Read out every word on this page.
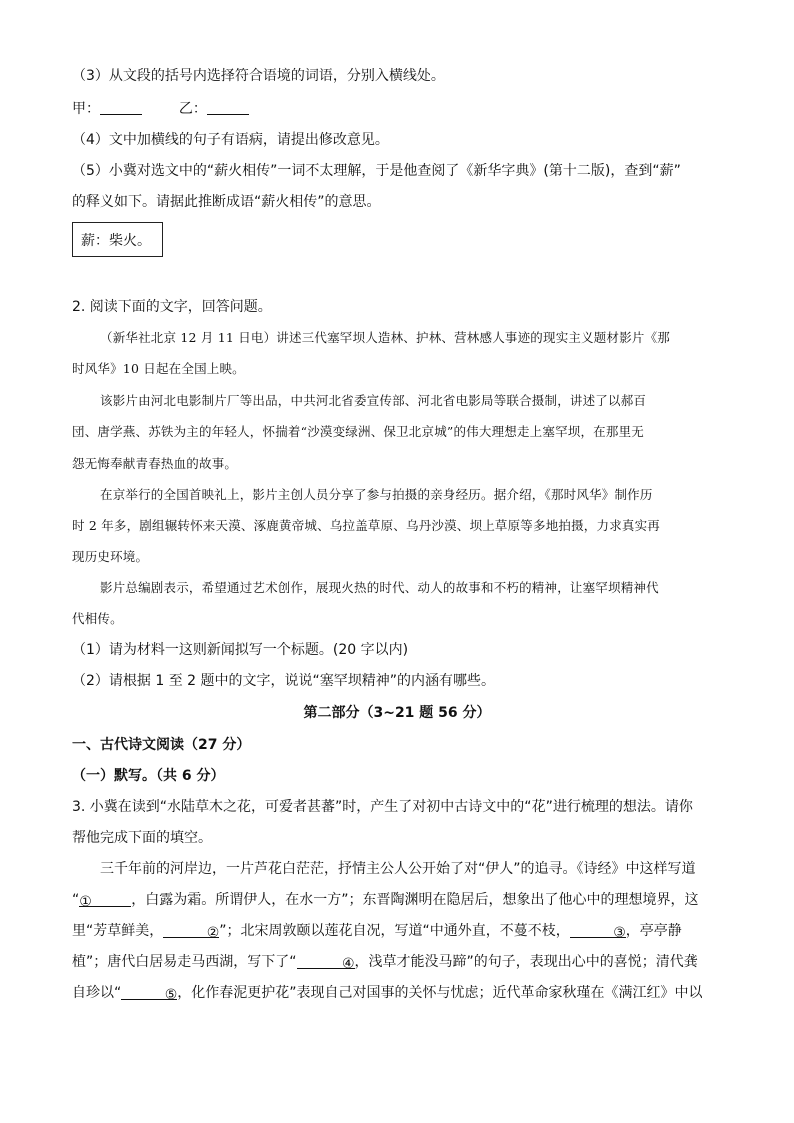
（3）从文段的括号内选择符合语境的词语，分别入横线处。
甲：	乙：
（4）文中加横线的句子有语病，请提出修改意见。
（5）小冀对选文中的“薪火相传”一词不太理解，于是他查阅了《新华字典》(第十二版)，查到“薪”
的释义如下。请据此推断成语“薪火相传”的意思。
薪：柴火。
2. 阅读下面的文字，回答问题。
（新华社北京 12 月 11 日电）讲述三代塞罕坝人造林、护林、营林感人事迹的现实主义题材影片《那
时风华》10 日起在全国上映。
该影片由河北电影制片厂等出品，中共河北省委宣传部、河北省电影局等联合摄制，讲述了以郝百
団、唐学燕、苏铁为主的年轻人，怀揣着“沙漠变绿洲、保卫北京城”的伟大理想走上塞罕坝，在那里无
怨无悔奉献青春热血的故事。
在京举行的全国首映礼上，影片主创人员分享了参与拍摄的亲身经历。据介绍，《那时风华》制作历
时 2 年多，剧组辗转怀来天漠、涿鹿黄帝城、乌拉盖草原、乌丹沙漠、坝上草原等多地拍摄，力求真实再
现历史环境。
影片总编剧表示，希望通过艺术创作，展现火热的时代、动人的故事和不朽的精神，让塞罕坝精神代
代相传。
（1）请为材料一这则新闻拟写一个标题。(20 字以内)
（2）请根据 1 至 2 题中的文字，说说“塞罕坝精神”的内涵有哪些。
第二部分（3~21 题 56 分）
一、古代诗文阅读（27 分）
（一）默写。（共 6 分）
3. 小冀在读到“水陆草木之花，可爱者甚蕃”时，产生了对初中古诗文中的“花”进行梳理的想法。请你
帮他完成下面的填空。
三千年前的河岸边，一片芦花白茫茫，抒情主公人公开始了对“伊人”的追寻。《诗经》中这样写道
“①	，白露为霜。所谓伊人，在水一方”；东晋陶渊明在隐居后，想象出了他心中的理想境界，这
里“芳草鲜美，	②”；北宋周敦颐以莲花自况，写道“中通外直，不蔓不枝，	③，亭亭静
植”；唐代白居易走马西湖，写下了“	④，浅草才能没马蹄”的句子，表现出心中的喜悦；清代龚
自珍以“	⑤，化作春泥更护花”表现自己对国事的关怀与忧虑；近代革命家秋瑾在《满江红》中以
